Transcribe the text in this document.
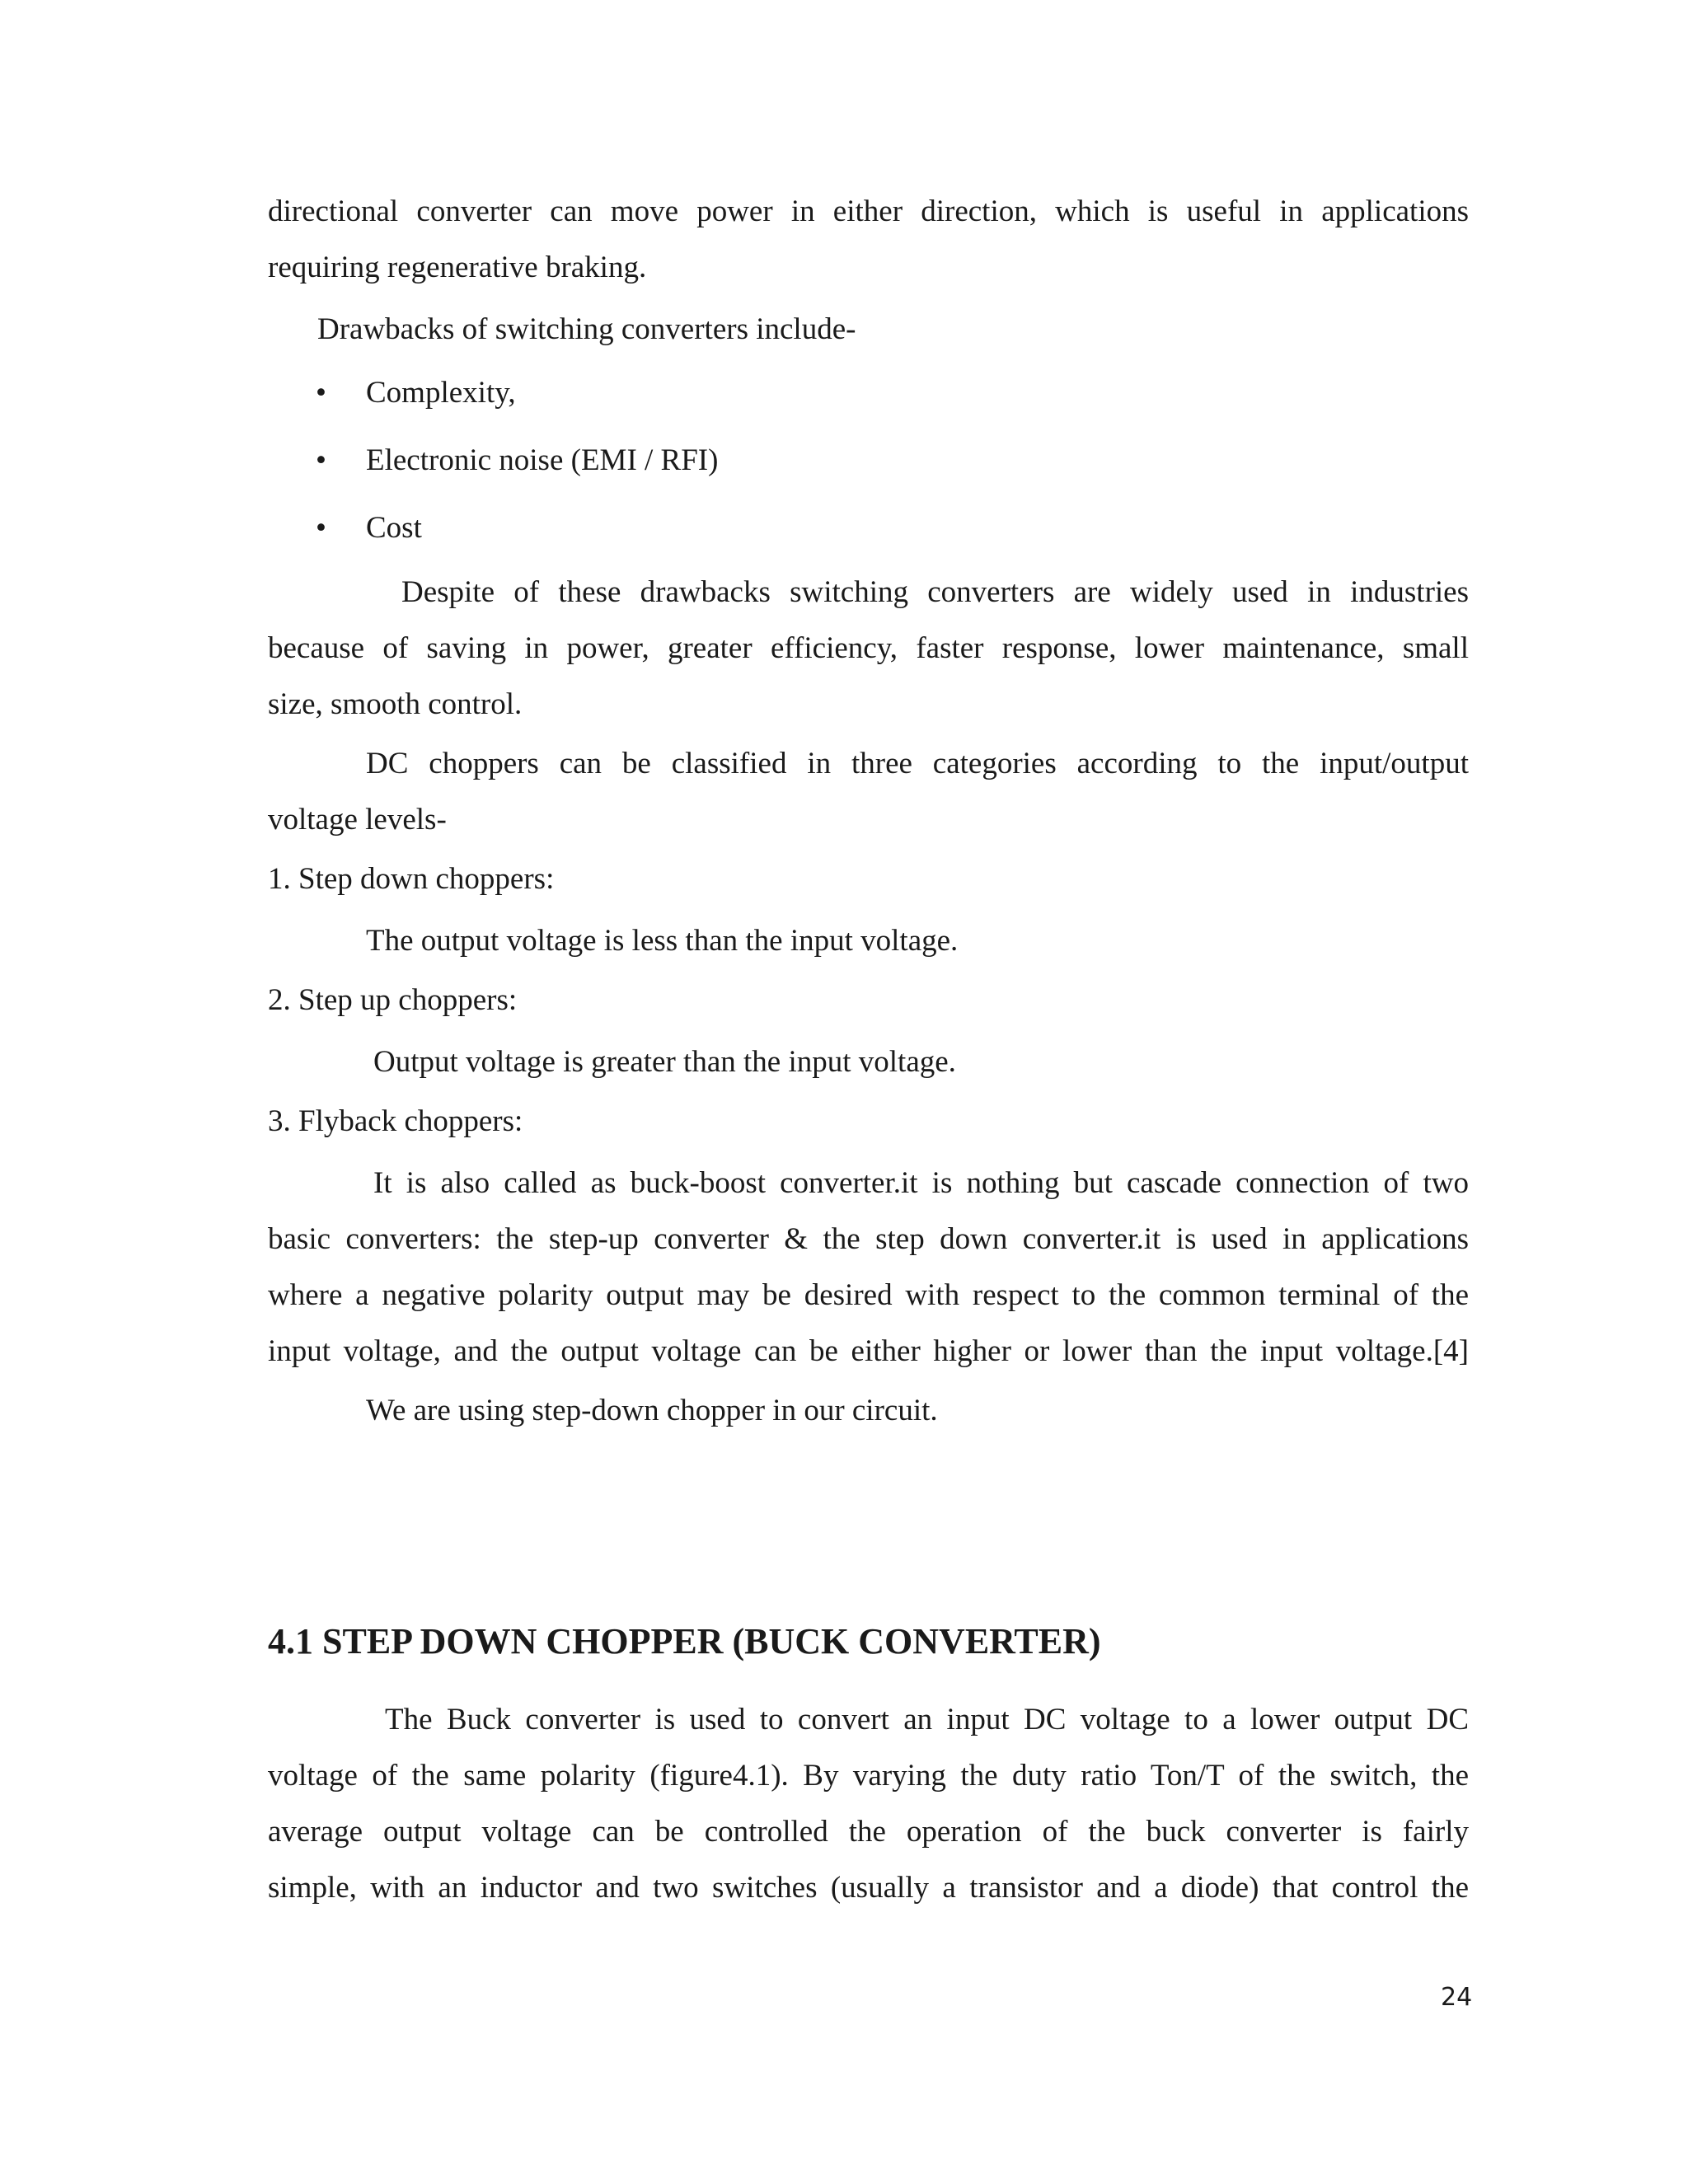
directional converter can move power in either direction, which is useful in applications
requiring regenerative braking.
Drawbacks of switching converters include-
• Complexity,
• Electronic noise (EMI / RFI)
• Cost
Despite of these drawbacks switching converters are widely used in industries
because of saving in power, greater efficiency, faster response, lower maintenance, small
size, smooth control.
DC choppers can be classified in three categories according to the input/output
voltage levels-
1. Step down choppers:
The output voltage is less than the input voltage.
2. Step up choppers:
Output voltage is greater than the input voltage.
3. Flyback choppers:
It is also called as buck-boost converter.it is nothing but cascade connection of two
basic converters: the step-up converter & the step down converter.it is used in applications
where a negative polarity output may be desired with respect to the common terminal of the
input voltage, and the output voltage can be either higher or lower than the input voltage.[4]
We are using step-down chopper in our circuit.
4.1 STEP DOWN CHOPPER (BUCK CONVERTER)
The Buck converter is used to convert an input DC voltage to a lower output DC
voltage of the same polarity (figure4.1). By varying the duty ratio Ton/T of the switch, the
average output voltage can be controlled the operation of the buck converter is fairly
simple, with an inductor and two switches (usually a transistor and a diode) that control the
24
